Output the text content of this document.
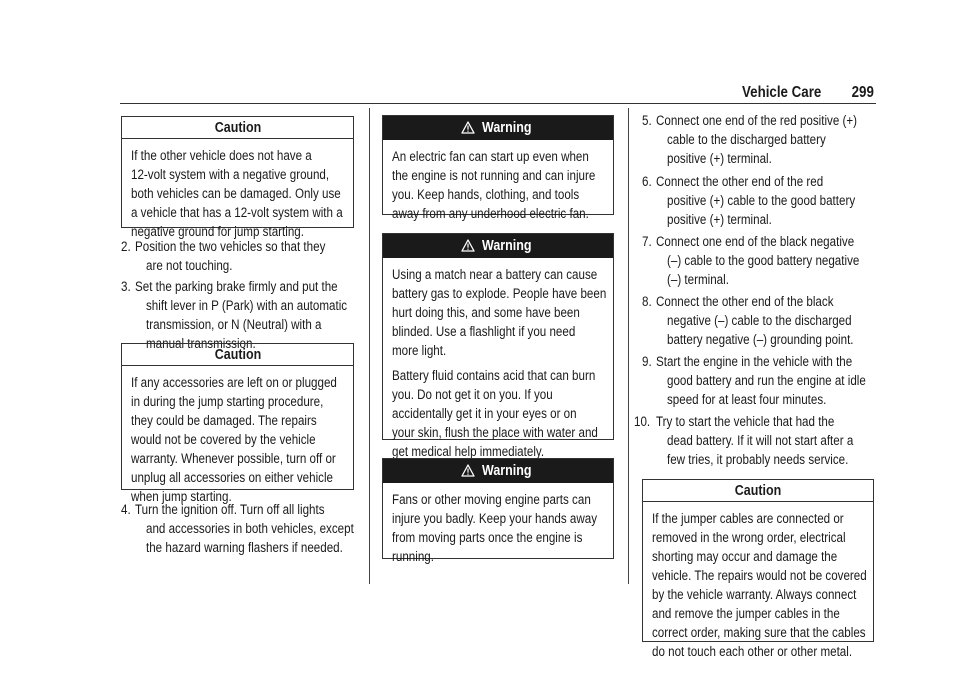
Vehicle Care 299
Caution
If the other vehicle does not have a
12-volt system with a negative ground,
both vehicles can be damaged. Only use
a vehicle that has a 12-volt system with a
negative ground for jump starting.
2. Position the two vehicles so that they
are not touching.
3. Set the parking brake firmly and put the
shift lever in P (Park) with an automatic
transmission, or N (Neutral) with a
manual transmission.
Caution
If any accessories are left on or plugged
in during the jump starting procedure,
they could be damaged. The repairs
would not be covered by the vehicle
warranty. Whenever possible, turn off or
unplug all accessories on either vehicle
when jump starting.
4. Turn the ignition off. Turn off all lights
and accessories in both vehicles, except
the hazard warning flashers if needed.
Warning
An electric fan can start up even when
the engine is not running and can injure
you. Keep hands, clothing, and tools
away from any underhood electric fan.
Warning
Using a match near a battery can cause
battery gas to explode. People have been
hurt doing this, and some have been
blinded. Use a flashlight if you need
more light.
Battery fluid contains acid that can burn
you. Do not get it on you. If you
accidentally get it in your eyes or on
your skin, flush the place with water and
get medical help immediately.
Warning
Fans or other moving engine parts can
injure you badly. Keep your hands away
from moving parts once the engine is
running.
5. Connect one end of the red positive (+)
cable to the discharged battery
positive (+) terminal.
6. Connect the other end of the red
positive (+) cable to the good battery
positive (+) terminal.
7. Connect one end of the black negative
(–) cable to the good battery negative
(–) terminal.
8. Connect the other end of the black
negative (–) cable to the discharged
battery negative (–) grounding point.
9. Start the engine in the vehicle with the
good battery and run the engine at idle
speed for at least four minutes.
10. Try to start the vehicle that had the
dead battery. If it will not start after a
few tries, it probably needs service.
Caution
If the jumper cables are connected or
removed in the wrong order, electrical
shorting may occur and damage the
vehicle. The repairs would not be covered
by the vehicle warranty. Always connect
and remove the jumper cables in the
correct order, making sure that the cables
do not touch each other or other metal.
